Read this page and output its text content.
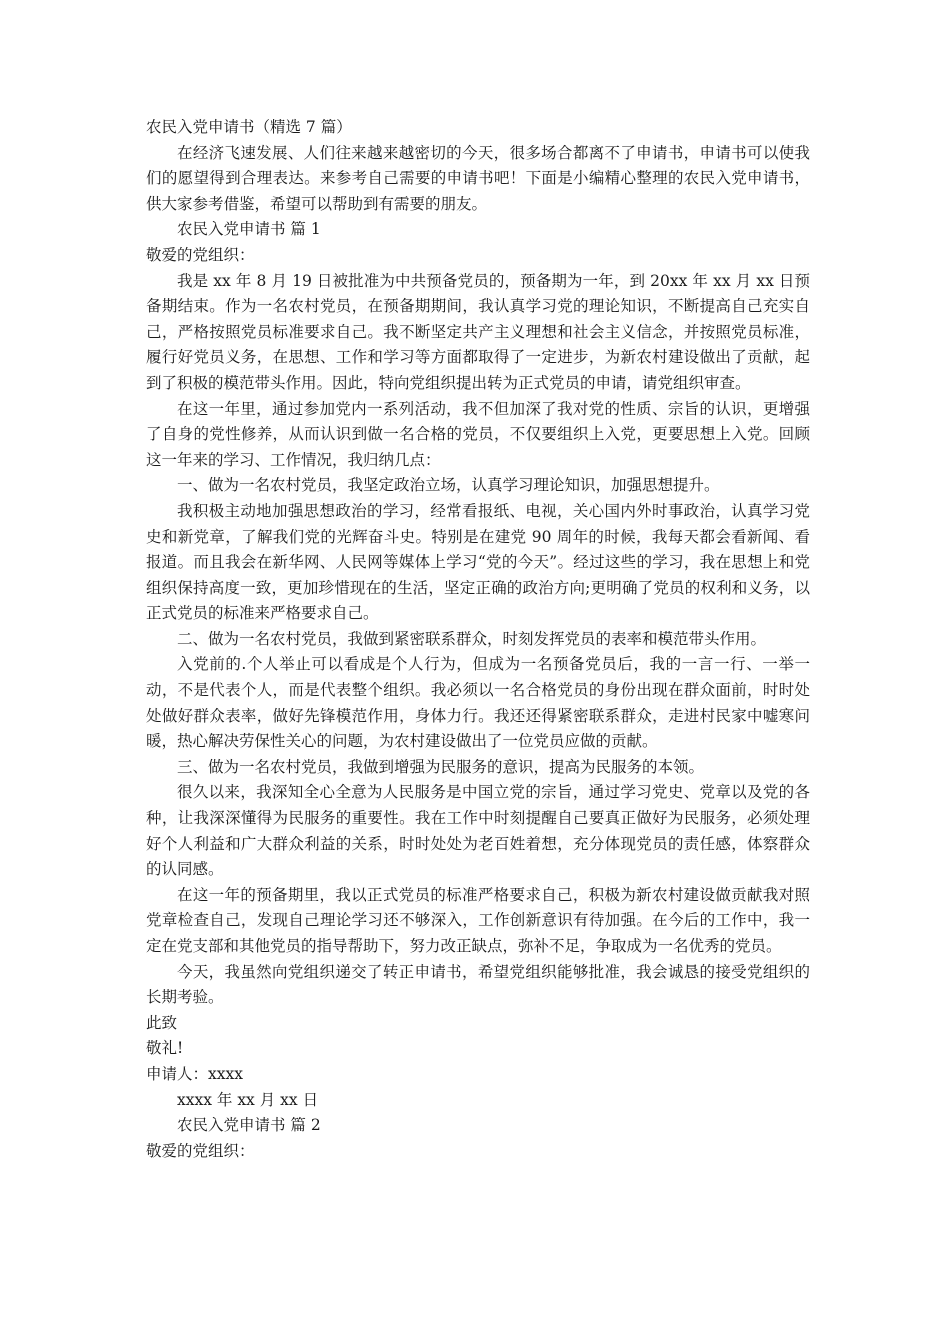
农民入党申请书（精选 7 篇）

在经济飞速发展、人们往来越来越密切的今天，很多场合都离不了申请书，申请书可以使我们的愿望得到合理表达。来参考自己需要的申请书吧！下面是小编精心整理的农民入党申请书，供大家参考借鉴，希望可以帮助到有需要的朋友。

农民入党申请书 篇 1

敬爱的党组织：

我是 xx 年 8 月 19 日被批准为中共预备党员的，预备期为一年，到 20xx 年 xx 月 xx 日预备期结束。作为一名农村党员，在预备期期间，我认真学习党的理论知识，不断提高自己充实自己，严格按照党员标准要求自己。我不断坚定共产主义理想和社会主义信念，并按照党员标准，履行好党员义务，在思想、工作和学习等方面都取得了一定进步，为新农村建设做出了贡献，起到了积极的模范带头作用。因此，特向党组织提出转为正式党员的申请，请党组织审查。

在这一年里，通过参加党内一系列活动，我不但加深了我对党的性质、宗旨的认识，更增强了自身的党性修养，从而认识到做一名合格的党员，不仅要组织上入党，更要思想上入党。回顾这一年来的学习、工作情况，我归纳几点：

一、做为一名农村党员，我坚定政治立场，认真学习理论知识，加强思想提升。

我积极主动地加强思想政治的学习，经常看报纸、电视，关心国内外时事政治，认真学习党史和新党章，了解我们党的光辉奋斗史。特别是在建党 90 周年的时候，我每天都会看新闻、看报道。而且我会在新华网、人民网等媒体上学习“党的今天”。经过这些的学习，我在思想上和党组织保持高度一致，更加珍惜现在的生活，坚定正确的政治方向;更明确了党员的权利和义务，以正式党员的标准来严格要求自己。

二、做为一名农村党员，我做到紧密联系群众，时刻发挥党员的表率和模范带头作用。

入党前的.个人举止可以看成是个人行为，但成为一名预备党员后，我的一言一行、一举一动，不是代表个人，而是代表整个组织。我必须以一名合格党员的身份出现在群众面前，时时处处做好群众表率，做好先锋模范作用，身体力行。我还还得紧密联系群众，走进村民家中嘘寒问暖，热心解决劳保性关心的问题，为农村建设做出了一位党员应做的贡献。

三、做为一名农村党员，我做到增强为民服务的意识，提高为民服务的本领。

很久以来，我深知全心全意为人民服务是中国立党的宗旨，通过学习党史、党章以及党的各种，让我深深懂得为民服务的重要性。我在工作中时刻提醒自己要真正做好为民服务，必须处理好个人利益和广大群众利益的关系，时时处处为老百姓着想，充分体现党员的责任感，体察群众的认同感。

在这一年的预备期里，我以正式党员的标准严格要求自己，积极为新农村建设做贡献我对照党章检查自己，发现自己理论学习还不够深入，工作创新意识有待加强。在今后的工作中，我一定在党支部和其他党员的指导帮助下，努力改正缺点，弥补不足，争取成为一名优秀的党员。

今天，我虽然向党组织递交了转正申请书，希望党组织能够批准，我会诚恳的接受党组织的长期考验。

此致

敬礼!

申请人：xxxx

xxxx 年 xx 月 xx 日

农民入党申请书 篇 2

敬爱的党组织：
